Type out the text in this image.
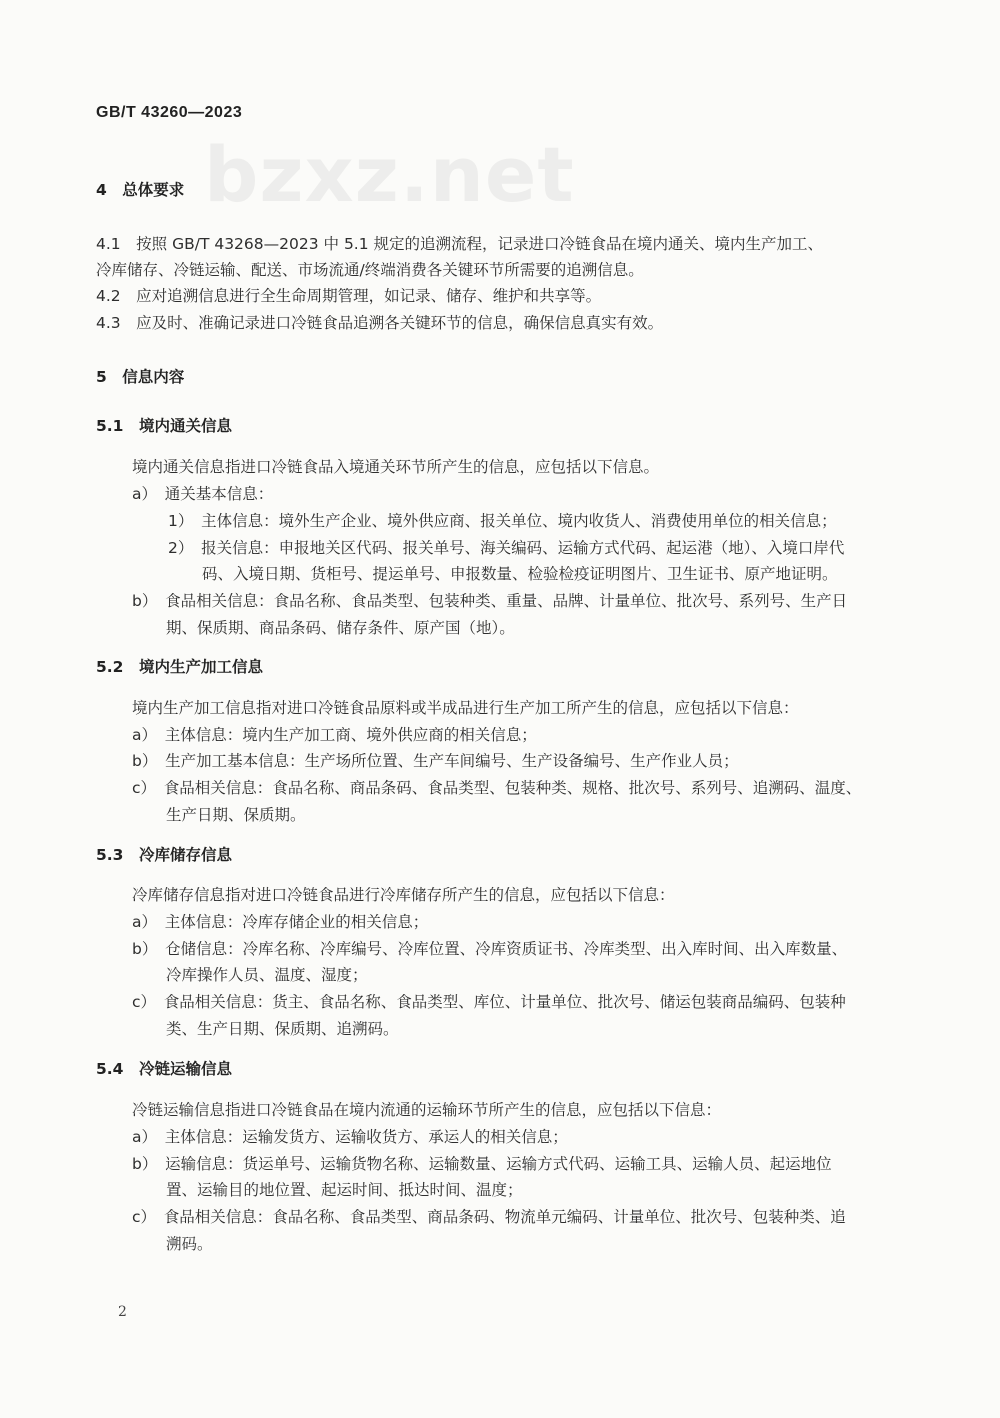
GB/T 43260—2023
bzxz.net
4　总体要求
4.1　按照 GB/T 43268—2023 中 5.1 规定的追溯流程，记录进口冷链食品在境内通关、境内生产加工、
冷库储存、冷链运输、配送、市场流通/终端消费各关键环节所需要的追溯信息。
4.2　应对追溯信息进行全生命周期管理，如记录、储存、维护和共享等。
4.3　应及时、准确记录进口冷链食品追溯各关键环节的信息，确保信息真实有效。
5　信息内容
5.1　境内通关信息
境内通关信息指进口冷链食品入境通关环节所产生的信息，应包括以下信息。
a）　通关基本信息：
1）　主体信息：境外生产企业、境外供应商、报关单位、境内收货人、消费使用单位的相关信息；
2）　报关信息：申报地关区代码、报关单号、海关编码、运输方式代码、起运港（地）、入境口岸代
码、入境日期、货柜号、提运单号、申报数量、检验检疫证明图片、卫生证书、原产地证明。
b）　食品相关信息：食品名称、食品类型、包装种类、重量、品牌、计量单位、批次号、系列号、生产日
期、保质期、商品条码、储存条件、原产国（地）。
5.2　境内生产加工信息
境内生产加工信息指对进口冷链食品原料或半成品进行生产加工所产生的信息，应包括以下信息：
a）　主体信息：境内生产加工商、境外供应商的相关信息；
b）　生产加工基本信息：生产场所位置、生产车间编号、生产设备编号、生产作业人员；
c）　食品相关信息：食品名称、商品条码、食品类型、包装种类、规格、批次号、系列号、追溯码、温度、
生产日期、保质期。
5.3　冷库储存信息
冷库储存信息指对进口冷链食品进行冷库储存所产生的信息，应包括以下信息：
a）　主体信息：冷库存储企业的相关信息；
b）　仓储信息：冷库名称、冷库编号、冷库位置、冷库资质证书、冷库类型、出入库时间、出入库数量、
冷库操作人员、温度、湿度；
c）　食品相关信息：货主、食品名称、食品类型、库位、计量单位、批次号、储运包装商品编码、包装种
类、生产日期、保质期、追溯码。
5.4　冷链运输信息
冷链运输信息指进口冷链食品在境内流通的运输环节所产生的信息，应包括以下信息：
a）　主体信息：运输发货方、运输收货方、承运人的相关信息；
b）　运输信息：货运单号、运输货物名称、运输数量、运输方式代码、运输工具、运输人员、起运地位
置、运输目的地位置、起运时间、抵达时间、温度；
c）　食品相关信息：食品名称、食品类型、商品条码、物流单元编码、计量单位、批次号、包装种类、追
溯码。
2
